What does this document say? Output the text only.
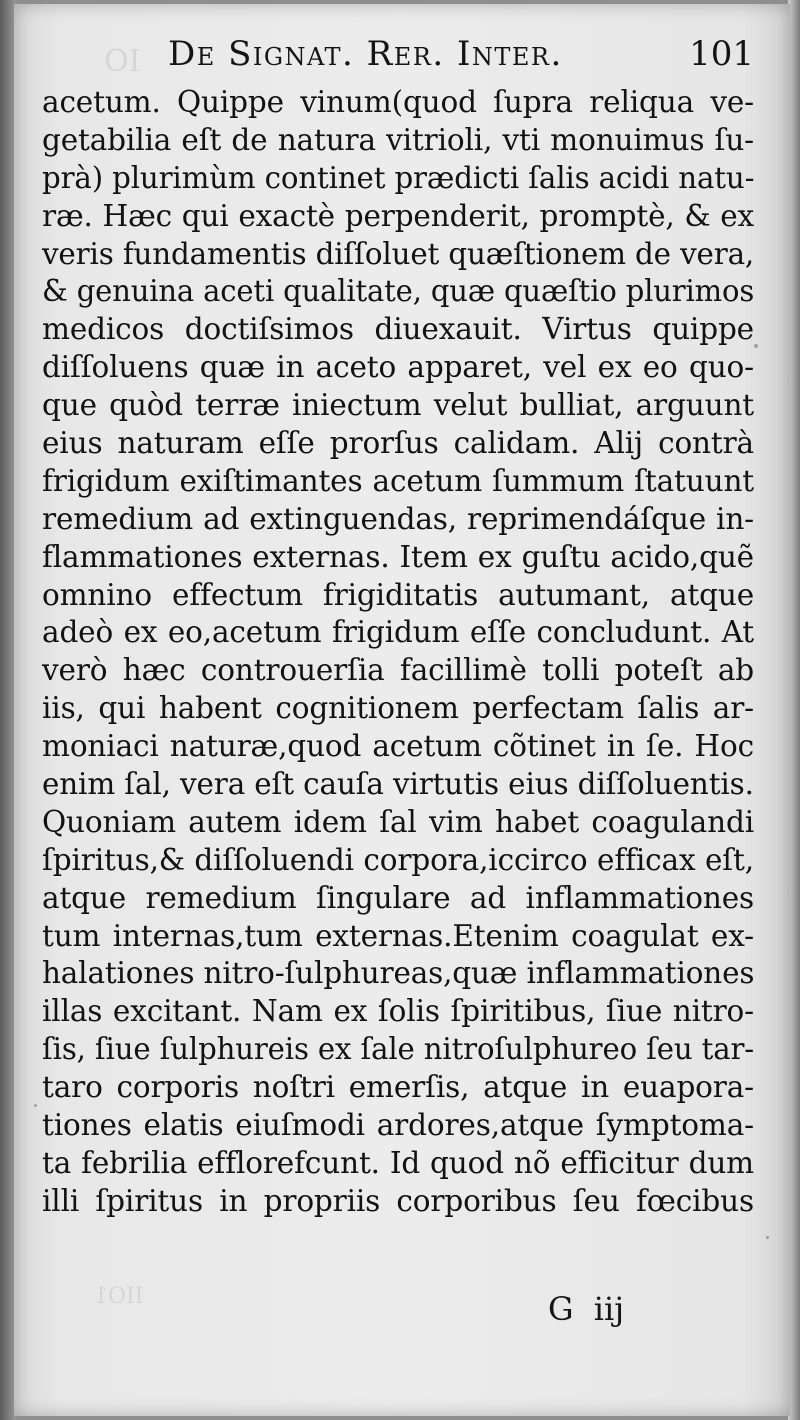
IO
IIO1
De Signat. Rer. Inter.	101
acetum. Quippe vinum(quod ſupra reliqua ve-
getabilia eſt de natura vitrioli, vti monuimus ſu-
prà) plurimùm continet prædicti ſalis acidi natu-
ræ. Hæc qui exactè perpenderit, promptè, & ex
veris fundamentis diſſoluet quæſtionem de vera,
& genuina aceti qualitate, quæ quæſtio plurimos
medicos doctiſsimos diuexauit. Virtus quippe
diſſoluens quæ in aceto apparet, vel ex eo quo-
que quòd terræ iniectum velut bulliat, arguunt
eius naturam eſſe prorſus calidam. Alij contrà
frigidum exiſtimantes acetum ſummum ſtatuunt
remedium ad extinguendas, reprimendáſque in-
flammationes externas. Item ex guſtu acido,quẽ
omnino effectum frigiditatis autumant, atque
adeò ex eo,acetum frigidum eſſe concludunt. At
verò hæc controuerſia facillimè tolli poteſt ab
iis, qui habent cognitionem perfectam ſalis ar-
moniaci naturæ,quod acetum cõtinet in ſe. Hoc
enim ſal, vera eſt cauſa virtutis eius diſſoluentis.
Quoniam autem idem ſal vim habet coagulandi
ſpiritus,& diſſoluendi corpora,iccirco efficax eſt,
atque remedium ſingulare ad inflammationes
tum internas,tum externas.Etenim coagulat ex-
halationes nitro-ſulphureas,quæ inflammationes
illas excitant. Nam ex ſolis ſpiritibus, ſiue nitro-
ſis, ſiue ſulphureis ex ſale nitroſulphureo ſeu tar-
taro corporis noſtri emerſis, atque in euapora-
tiones elatis eiuſmodi ardores,atque ſymptoma-
ta febrilia efflorefcunt. Id quod nõ efficitur dum
illi ſpiritus in propriis corporibus ſeu fœcibus
G iij
